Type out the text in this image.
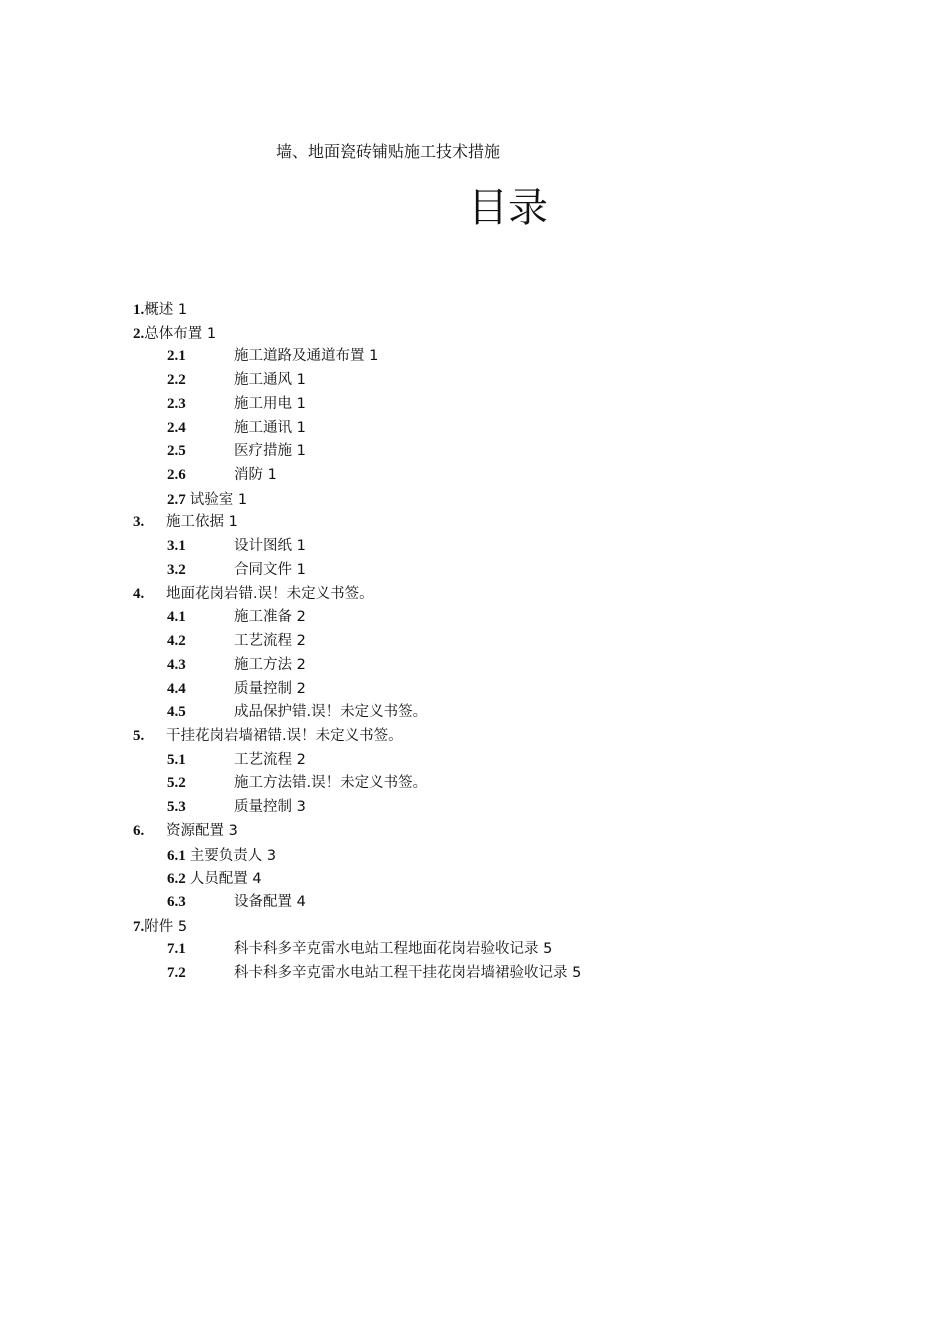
墙、地面瓷砖铺贴施工技术措施
目录
1.概述 1
2.总体布置 1
2.1	施工道路及通道布置 1
2.2	施工通风 1
2.3	施工用电 1
2.4	施工通讯 1
2.5	医疗措施 1
2.6	消防 1
2.7 试验室 1
3. 施工依据 1
3.1	设计图纸 1
3.2	合同文件 1
4. 地面花岗岩错.误！未定义书签。
4.1	施工准备 2
4.2	工艺流程 2
4.3	施工方法 2
4.4	质量控制 2
4.5	成品保护错.误！未定义书签。
5. 干挂花岗岩墙裙错.误！未定义书签。
5.1	工艺流程 2
5.2	施工方法错.误！未定义书签。
5.3	质量控制 3
6. 资源配置 3
6.1 主要负责人 3
6.2 人员配置 4
6.3	设备配置 4
7.附件 5
7.1	科卡科多辛克雷水电站工程地面花岗岩验收记录 5
7.2	科卡科多辛克雷水电站工程干挂花岗岩墙裙验收记录 5
